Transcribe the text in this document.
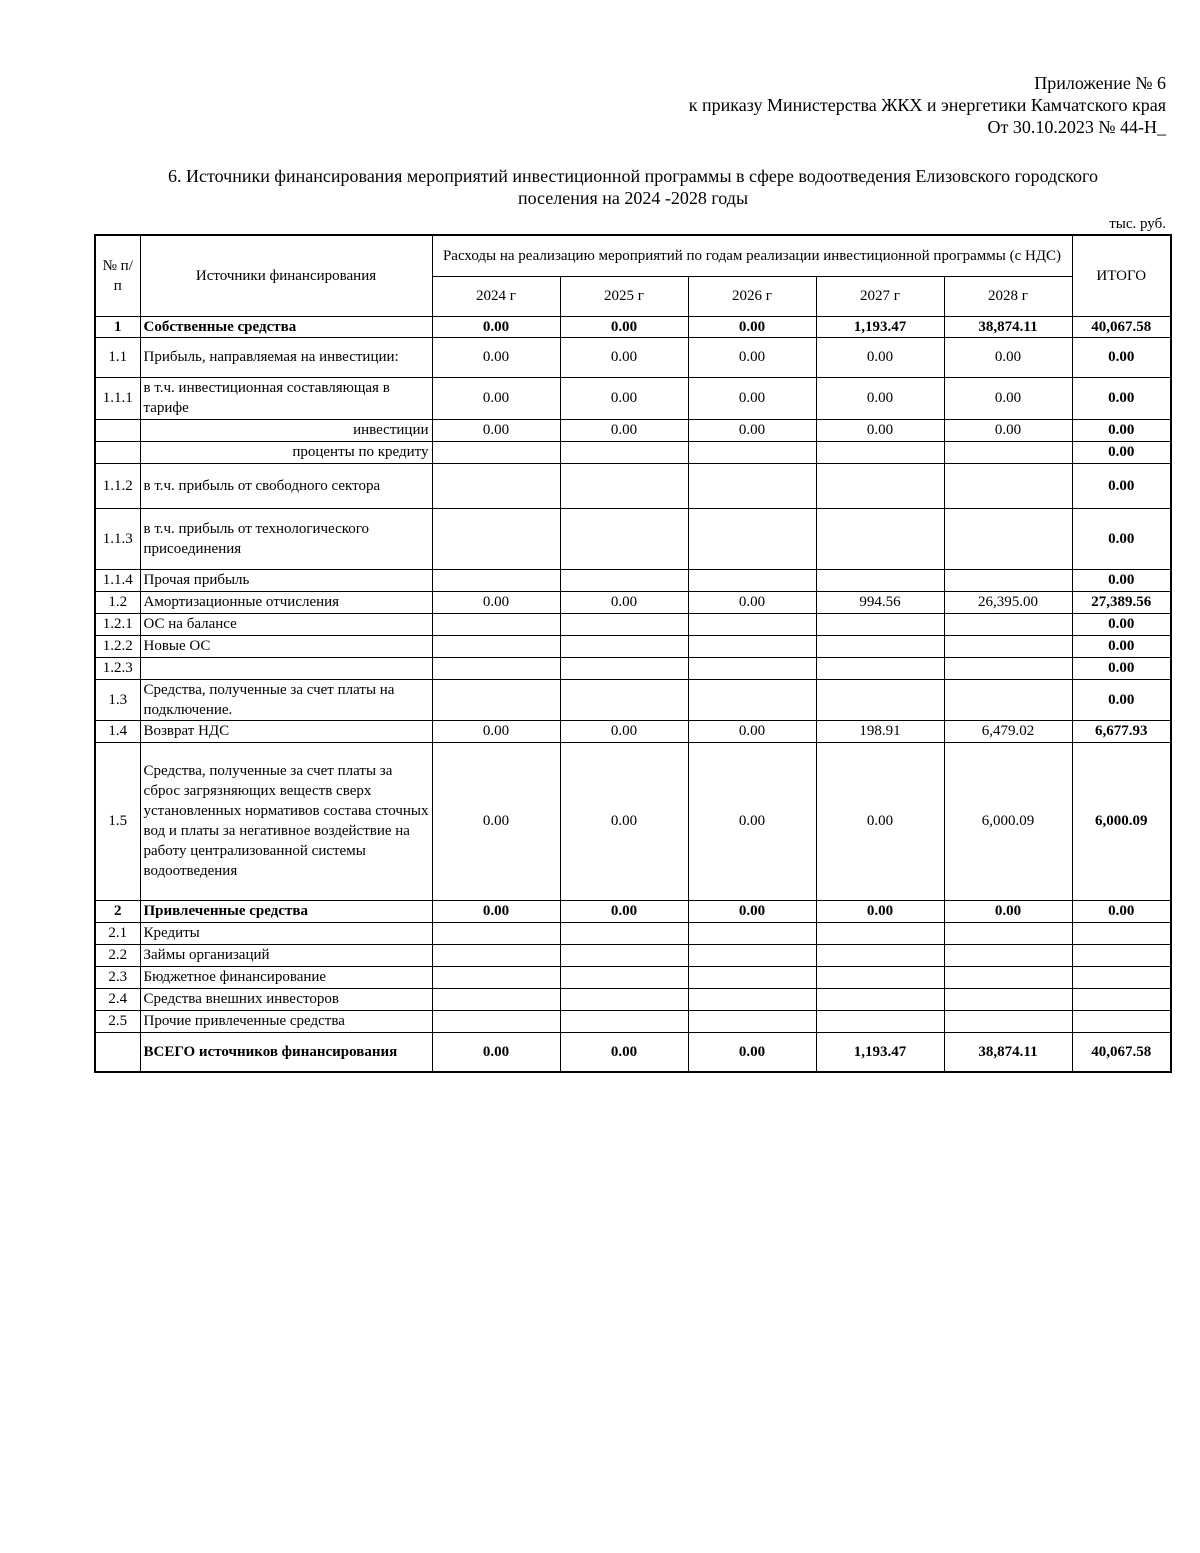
Приложение № 6
к приказу Министерства ЖКХ и энергетики Камчатского края
От 30.10.2023 № 44-Н_
6. Источники финансирования мероприятий инвестиционной программы в сфере водоотведения Елизовского городского
поселения на 2024 -2028 годы
тыс. руб.
№ п/п	Источники финансирования	Расходы на реализацию мероприятий по годам реализации инвестиционной программы (с НДС)					ИТОГО
		2024 г	2025 г	2026 г	2027 г	2028 г	
1	Собственные средства	0.00	0.00	0.00	1,193.47	38,874.11	40,067.58
1.1	Прибыль, направляемая на инвестиции:	0.00	0.00	0.00	0.00	0.00	0.00
1.1.1	в т.ч. инвестиционная составляющая в тарифе	0.00	0.00	0.00	0.00	0.00	0.00
	инвестиции	0.00	0.00	0.00	0.00	0.00	0.00
	проценты по кредиту						0.00
1.1.2	в т.ч. прибыль от свободного сектора						0.00
1.1.3	в т.ч. прибыль от технологического присоединения						0.00
1.1.4	Прочая прибыль						0.00
1.2	Амортизационные отчисления	0.00	0.00	0.00	994.56	26,395.00	27,389.56
1.2.1	ОС на балансе						0.00
1.2.2	Новые ОС						0.00
1.2.3							0.00
1.3	Средства, полученные за счет платы на подключение.						0.00
1.4	Возврат НДС	0.00	0.00	0.00	198.91	6,479.02	6,677.93
1.5	Средства, полученные за счет платы за сброс загрязняющих веществ сверх установленных нормативов состава сточных вод и платы за негативное воздействие на работу централизованной системы водоотведения	0.00	0.00	0.00	0.00	6,000.09	6,000.09
2	Привлеченные средства	0.00	0.00	0.00	0.00	0.00	0.00
2.1	Кредиты						
2.2	Займы организаций						
2.3	Бюджетное финансирование						
2.4	Средства внешних инвесторов						
2.5	Прочие привлеченные средства						
	ВСЕГО источников финансирования	0.00	0.00	0.00	1,193.47	38,874.11	40,067.58
